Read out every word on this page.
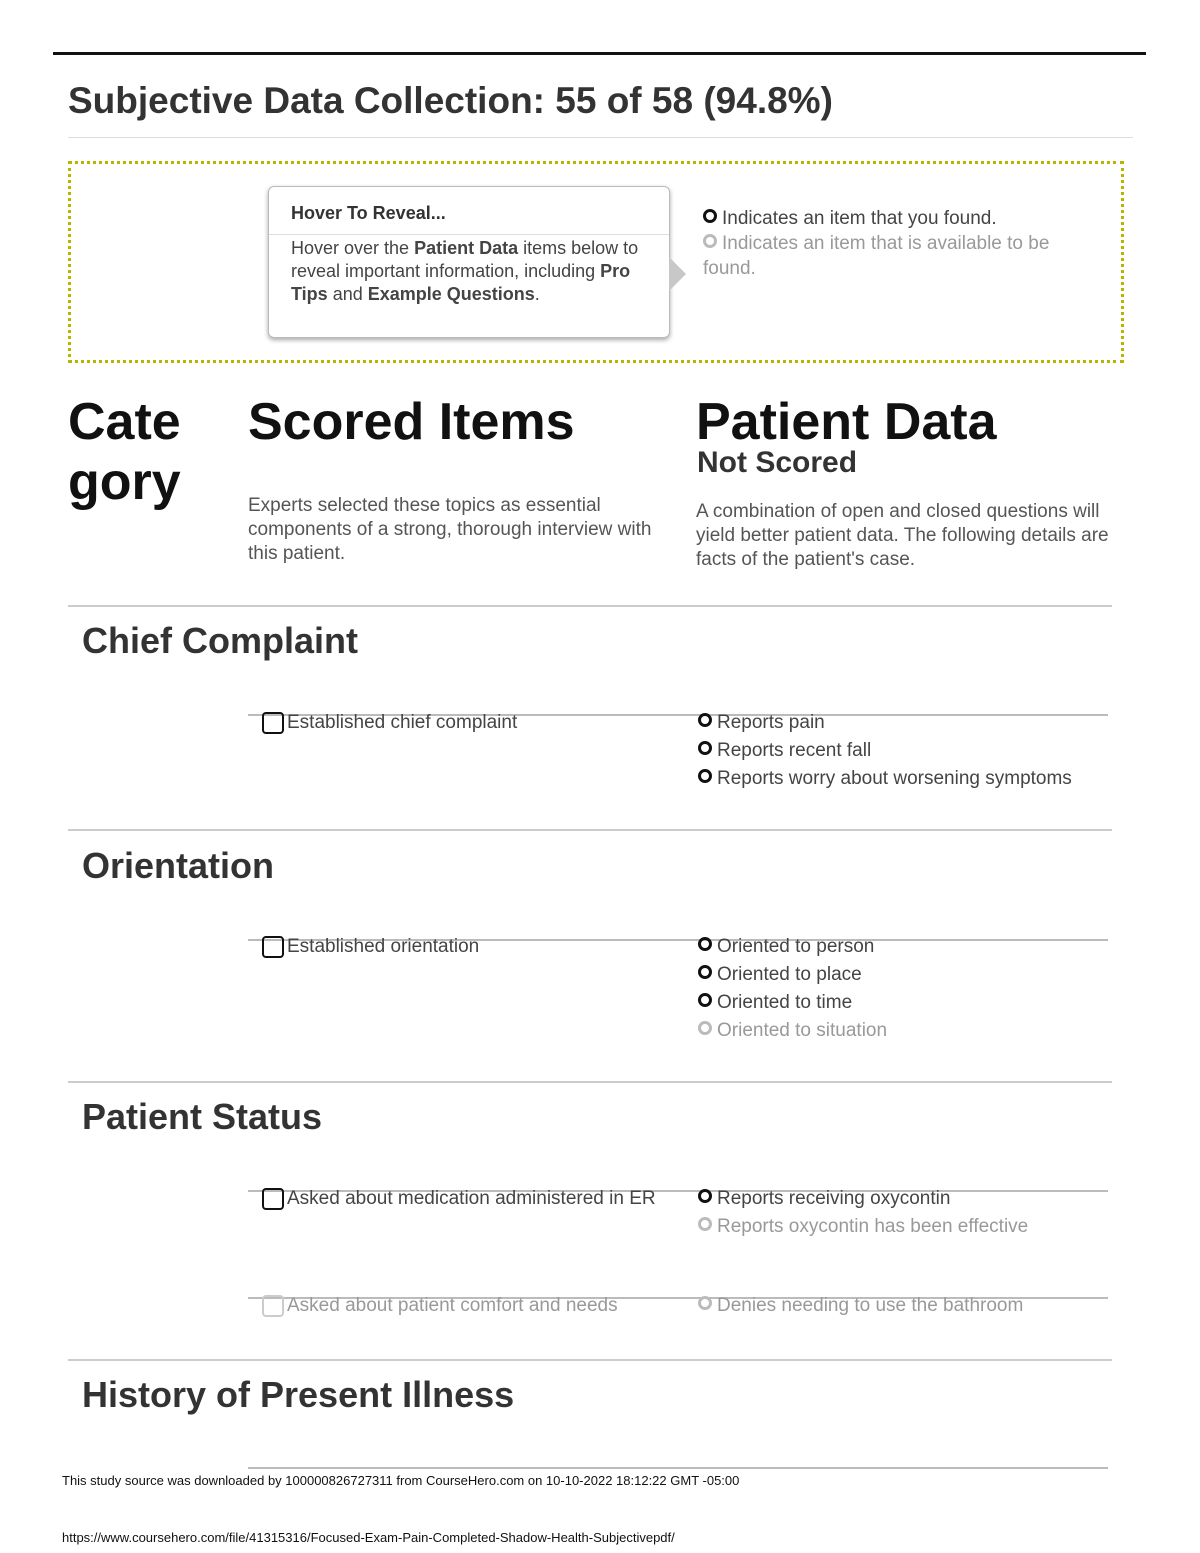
Subjective Data Collection: 55 of 58 (94.8%)
Hover To Reveal...
Hover over the Patient Data items below to reveal important information, including Pro Tips and Example Questions.
Indicates an item that you found.
Indicates an item that is available to be found.
Cate gory
Scored Items Patient Data
Not Scored
Experts selected these topics as essential components of a strong, thorough interview with this patient.
A combination of open and closed questions will yield better patient data. The following details are facts of the patient's case.
Chief Complaint
Established chief complaint	Reports pain
Reports recent fall
Reports worry about worsening symptoms
Orientation
Established orientation	Oriented to person
Oriented to place
Oriented to time
Oriented to situation
Patient Status
Asked about medication administered in ER	Reports receiving oxycontin
Reports oxycontin has been effective
Asked about patient comfort and needs	Denies needing to use the bathroom
History of Present Illness
This study source was downloaded by 100000826727311 from CourseHero.com on 10-10-2022 18:12:22 GMT -05:00
https://www.coursehero.com/file/41315316/Focused-Exam-Pain-Completed-Shadow-Health-Subjectivepdf/
